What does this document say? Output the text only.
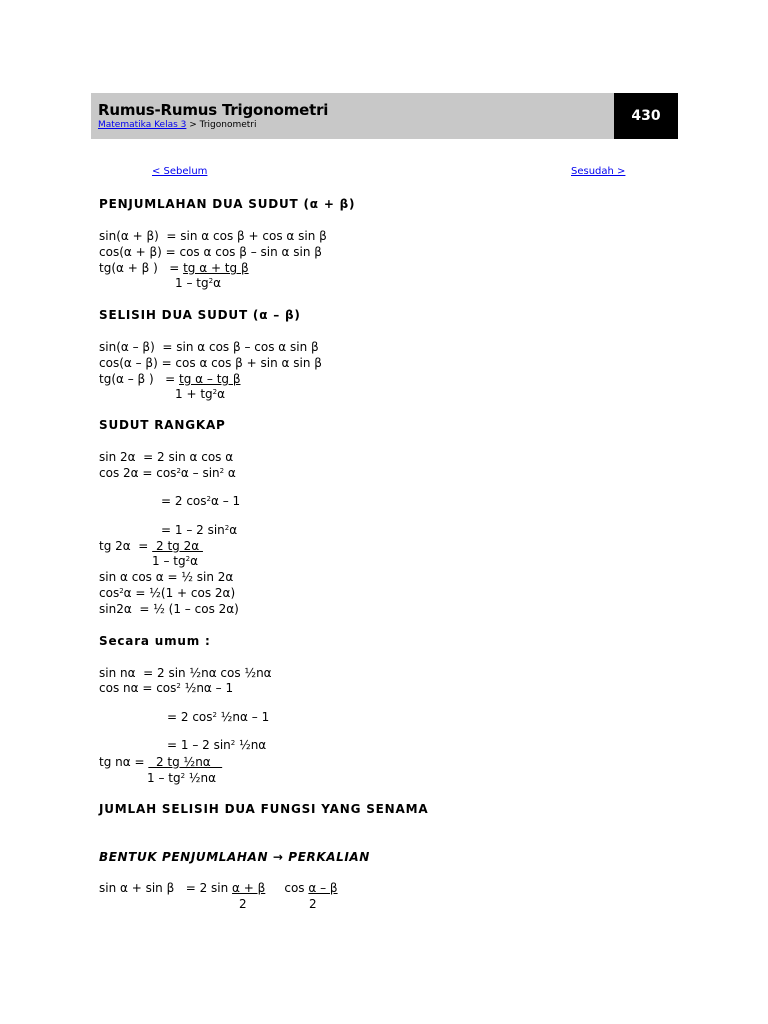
Rumus-Rumus Trigonometri
Matematika Kelas 3 > Trigonometri
430
< Sebelum	Sesudah >
PENJUMLAHAN DUA SUDUT (α + β)
sin(α + β)  = sin α cos β + cos α sin β
cos(α + β) = cos α cos β – sin α sin β
tg(α + β )   = tg α + tg β
$1 - tg^2\alpha$
SELISIH DUA SUDUT (α – β)
sin(α – β)  = sin α cos β – cos α sin β
cos(α – β) = cos α cos β + sin α sin β
tg(α – β )   = tg α – tg β
$1 + tg^2\alpha$
SUDUT RANGKAP
sin 2α  = 2 sin α cos α
$\cos 2\alpha = \cos^2\alpha - \sin^2 \alpha$
= 2 $\cos^2\alpha - 1$
= 1 – 2 $\sin^2\alpha$
tg 2α  =  2 tg 2α
$1 - tg^2\alpha$
sin α cos α = ½ sin 2α
$\cos^2\alpha$ = ½(1 + cos 2α)
sin2α  = ½ (1 – cos 2α)
Secara umum :
sin nα  = 2 sin ½nα cos ½nα
$\cos n\alpha = \cos^2$ ½nα – 1
= 2 $\cos^2$ ½nα – 1
= 1 – 2 $\sin^2$ ½nα
tg nα =   2 tg ½nα
$1 - tg^2$ ½nα
JUMLAH SELISIH DUA FUNGSI YANG SENAMA
BENTUK PENJUMLAHAN → PERKALIAN
sin α + sin β   = 2 sin α + β     cos α – β
2	2
